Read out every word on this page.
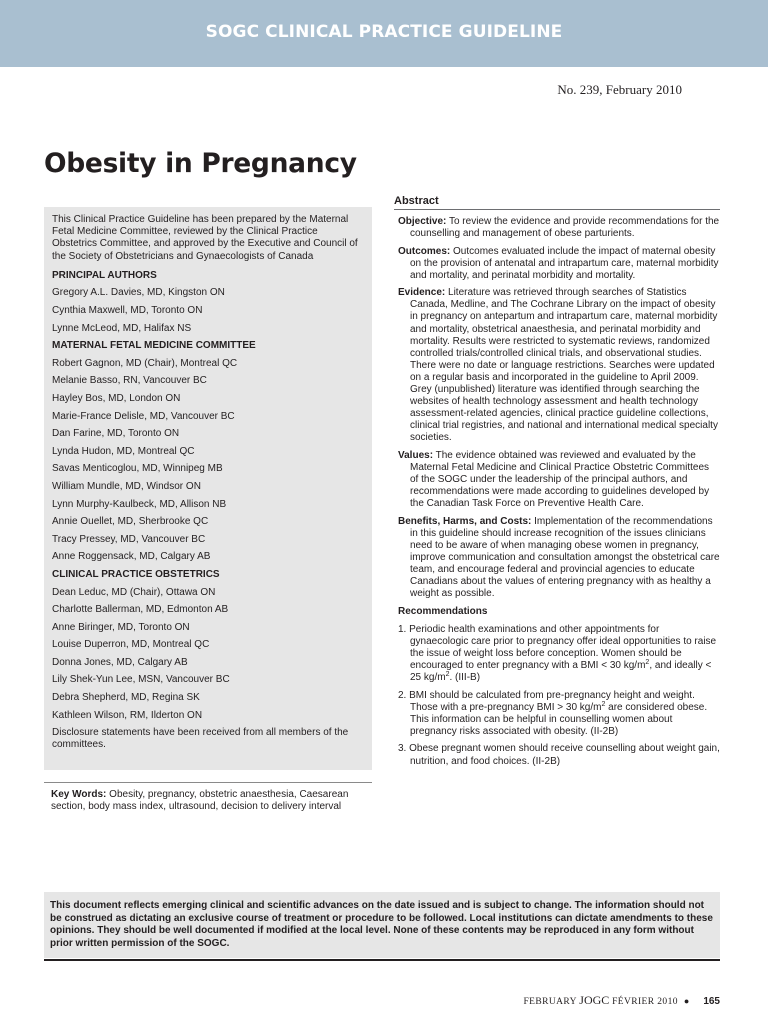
SOGC CLINICAL PRACTICE GUIDELINE
No. 239, February 2010
Obesity in Pregnancy

This Clinical Practice Guideline has been prepared by the Maternal Fetal Medicine Committee, reviewed by the Clinical Practice Obstetrics Committee, and approved by the Executive and Council of the Society of Obstetricians and Gynaecologists of Canada

PRINCIPAL AUTHORS
Gregory A.L. Davies, MD, Kingston ON
Cynthia Maxwell, MD, Toronto ON
Lynne McLeod, MD, Halifax NS
MATERNAL FETAL MEDICINE COMMITTEE
Robert Gagnon, MD (Chair), Montreal QC
Melanie Basso, RN, Vancouver BC
Hayley Bos, MD, London ON
Marie-France Delisle, MD, Vancouver BC
Dan Farine, MD, Toronto ON
Lynda Hudon, MD, Montreal QC
Savas Menticoglou, MD, Winnipeg MB
William Mundle, MD, Windsor ON
Lynn Murphy-Kaulbeck, MD, Allison NB
Annie Ouellet, MD, Sherbrooke QC
Tracy Pressey, MD, Vancouver BC
Anne Roggensack, MD, Calgary AB
CLINICAL PRACTICE OBSTETRICS
Dean Leduc, MD (Chair), Ottawa ON
Charlotte Ballerman, MD, Edmonton AB
Anne Biringer, MD, Toronto ON
Louise Duperron, MD, Montreal QC
Donna Jones, MD, Calgary AB
Lily Shek-Yun Lee, MSN, Vancouver BC
Debra Shepherd, MD, Regina SK
Kathleen Wilson, RM, Ilderton ON

Disclosure statements have been received from all members of the committees.

Key Words: Obesity, pregnancy, obstetric anaesthesia, Caesarean section, body mass index, ultrasound, decision to delivery interval

Abstract

Objective: To review the evidence and provide recommendations for the counselling and management of obese parturients.

Outcomes: Outcomes evaluated include the impact of maternal obesity on the provision of antenatal and intrapartum care, maternal morbidity and mortality, and perinatal morbidity and mortality.

Evidence: Literature was retrieved through searches of Statistics Canada, Medline, and The Cochrane Library on the impact of obesity in pregnancy on antepartum and intrapartum care, maternal morbidity and mortality, obstetrical anaesthesia, and perinatal morbidity and mortality. Results were restricted to systematic reviews, randomized controlled trials/controlled clinical trials, and observational studies. There were no date or language restrictions. Searches were updated on a regular basis and incorporated in the guideline to April 2009. Grey (unpublished) literature was identified through searching the websites of health technology assessment and health technology assessment-related agencies, clinical practice guideline collections, clinical trial registries, and national and international medical specialty societies.

Values: The evidence obtained was reviewed and evaluated by the Maternal Fetal Medicine and Clinical Practice Obstetric Committees of the SOGC under the leadership of the principal authors, and recommendations were made according to guidelines developed by the Canadian Task Force on Preventive Health Care.

Benefits, Harms, and Costs: Implementation of the recommendations in this guideline should increase recognition of the issues clinicians need to be aware of when managing obese women in pregnancy, improve communication and consultation amongst the obstetrical care team, and encourage federal and provincial agencies to educate Canadians about the values of entering pregnancy with as healthy a weight as possible.

Recommendations

1. Periodic health examinations and other appointments for gynaecologic care prior to pregnancy offer ideal opportunities to raise the issue of weight loss before conception. Women should be encouraged to enter pregnancy with a BMI < 30 $kg/m^2$, and ideally < 25 $kg/m^2$. (III-B)

2. BMI should be calculated from pre-pregnancy height and weight. Those with a pre-pregnancy BMI > 30 $kg/m^2$ are considered obese. This information can be helpful in counselling women about pregnancy risks associated with obesity. (II-2B)

3. Obese pregnant women should receive counselling about weight gain, nutrition, and food choices. (II-2B)

This document reflects emerging clinical and scientific advances on the date issued and is subject to change. The information should not be construed as dictating an exclusive course of treatment or procedure to be followed. Local institutions can dictate amendments to these opinions. They should be well documented if modified at the local level. None of these contents may be reproduced in any form without prior written permission of the SOGC.
FEBRUARY JOGC FÉVRIER 2010 ● 165
